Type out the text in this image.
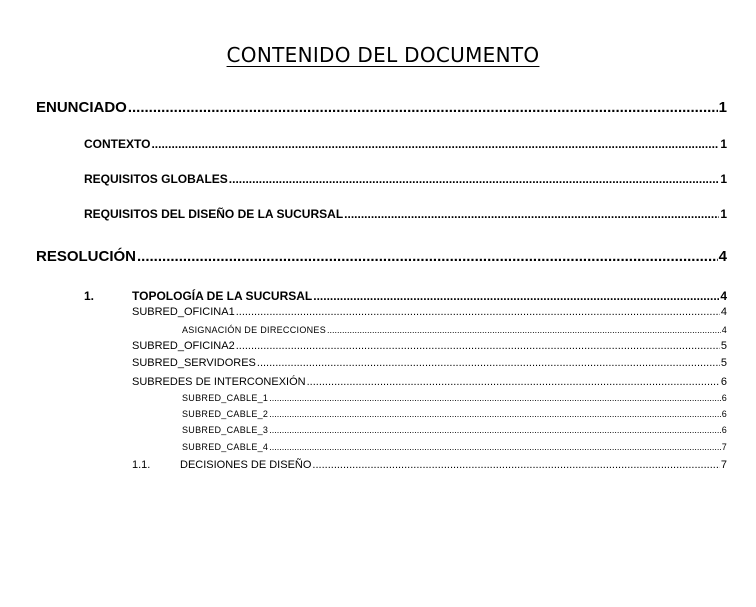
CONTENIDO DEL DOCUMENTO
ENUNCIADO .....	1
CONTEXTO .....	1
REQUISITOS GLOBALES .....	1
REQUISITOS DEL DISEÑO DE LA SUCURSAL .....	1
RESOLUCIÓN .....	4
1.	TOPOLOGÍA DE LA SUCURSAL .....	4
SUBRED_OFICINA1 .....	4
ASIGNACIÓN DE DIRECCIONES .....	4
SUBRED_OFICINA2 .....	5
SUBRED_SERVIDORES .....	5
SUBREDES DE INTERCONEXIÓN .....	6
SUBRED_CABLE_1 .....	6
SUBRED_CABLE_2 .....	6
SUBRED_CABLE_3 .....	6
SUBRED_CABLE_4 .....	7
1.1.	DECISIONES DE DISEÑO .....	7
